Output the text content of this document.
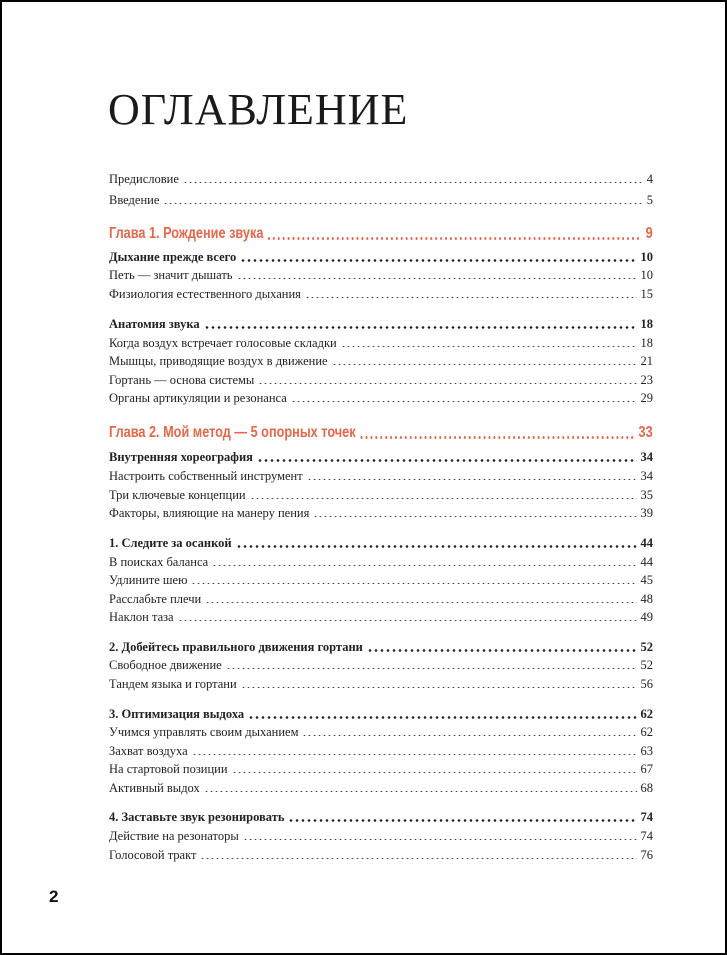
ОГЛАВЛЕНИЕ
Предисловие	4
Введение	5
Глава 1. Рождение звука	9
Дыхание прежде всего	10
Петь — значит дышать	10
Физиология естественного дыхания	15
Анатомия звука	18
Когда воздух встречает голосовые складки	18
Мышцы, приводящие воздух в движение	21
Гортань — основа системы	23
Органы артикуляции и резонанса	29
Глава 2. Мой метод — 5 опорных точек	33
Внутренняя хореография	34
Настроить собственный инструмент	34
Три ключевые концепции	35
Факторы, влияющие на манеру пения	39
1. Следите за осанкой	44
В поисках баланса	44
Удлините шею	45
Расслабьте плечи	48
Наклон таза	49
2. Добейтесь правильного движения гортани	52
Свободное движение	52
Тандем языка и гортани	56
3. Оптимизация выдоха	62
Учимся управлять своим дыханием	62
Захват воздуха	63
На стартовой позиции	67
Активный выдох	68
4. Заставьте звук резонировать	74
Действие на резонаторы	74
Голосовой тракт	76
2
